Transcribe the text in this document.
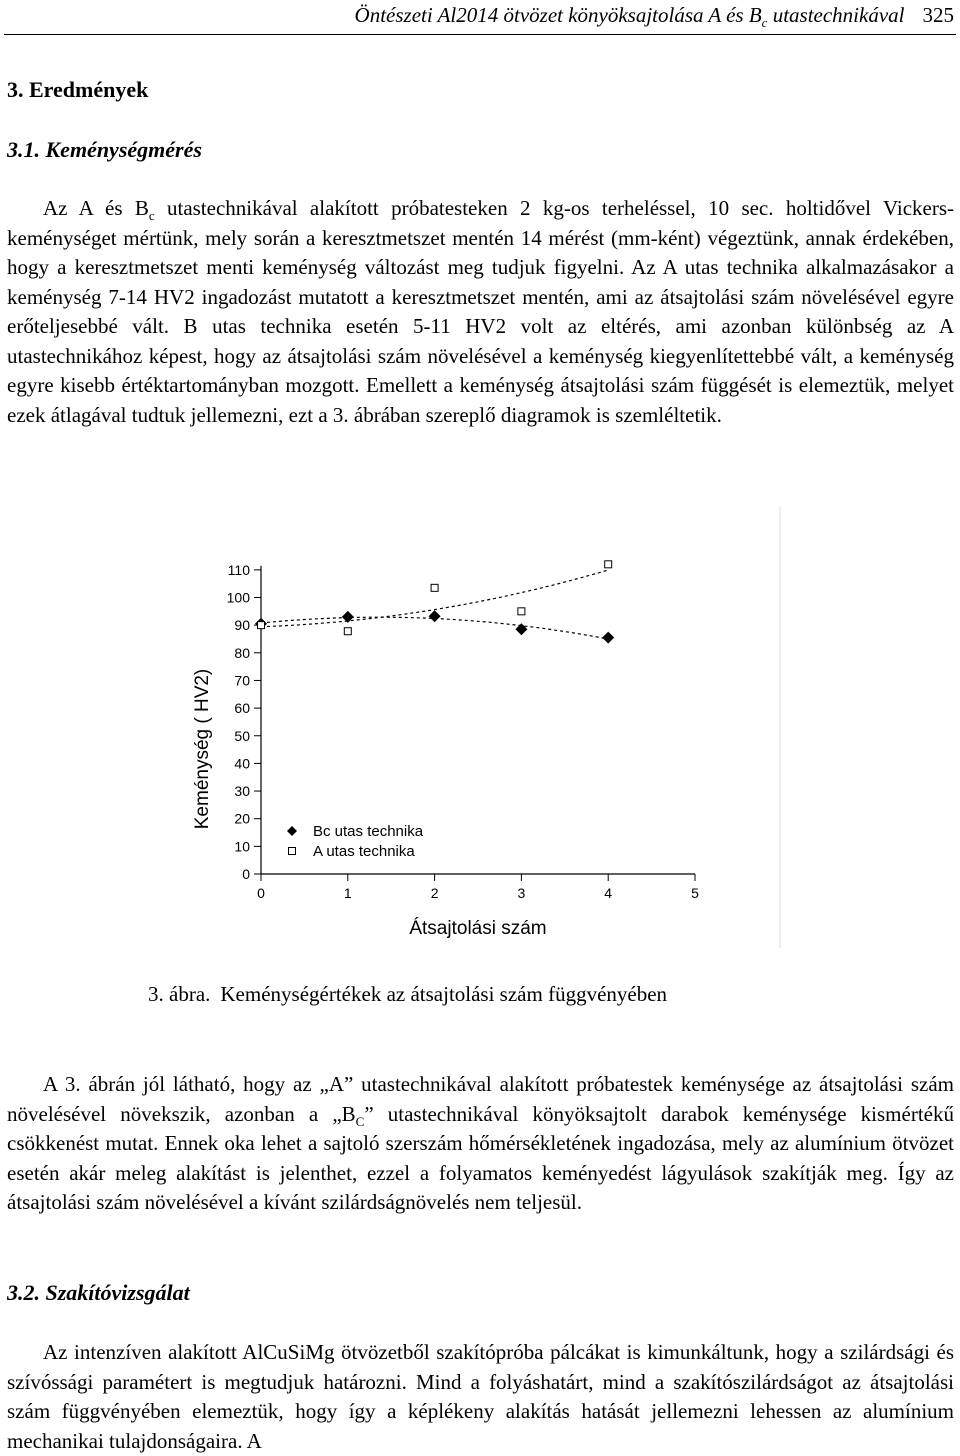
Öntészeti Al2014 ötvözet könyöksajtolása A és $B_c$ utastechnikával 325
3. Eredmények
3.1. Keménységmérés
Az A és $B_c$ utastechnikával alakított próbatesteken 2 kg-os terheléssel, 10 sec. holtidővel Vickers-keménységet mértünk, mely során a keresztmetszet mentén 14 mérést (mm-ként) végeztünk, annak érdekében, hogy a keresztmetszet menti keménység változást meg tudjuk figyelni. Az A utas technika alkalmazásakor a keménység 7-14 HV2 ingadozást mutatott a keresztmetszet mentén, ami az átsajtolási szám növelésével egyre erőteljesebbé vált. B utas technika esetén 5-11 HV2 volt az eltérés, ami azonban különbség az A utastechnikához képest, hogy az átsajtolási szám növelésével a keménység kiegyenlítettebbé vált, a keménység egyre kisebb értéktartományban mozgott. Emellett a keménység átsajtolási szám függését is elemeztük, melyet ezek átlagával tudtuk jellemezni, ezt a 3. ábrában szereplő diagramok is szemléltetik.
0
10
20
30
40
50
60
70
80
90
100
110
0	1	2	3	4	5
Bc utas technika
A utas technika
Átsajtolási szám
Keménység ( HV2)
3. ábra. Keménységértékek az átsajtolási szám függvényében
A 3. ábrán jól látható, hogy az „A” utastechnikával alakított próbatestek keménysége az átsajtolási szám növelésével növekszik, azonban a $„B_C$” utastechnikával könyöksajtolt darabok keménysége kismértékű csökkenést mutat. Ennek oka lehet a sajtoló szerszám hőmérsékletének ingadozása, mely az alumínium ötvözet esetén akár meleg alakítást is jelenthet, ezzel a folyamatos keményedést lágyulások szakítják meg. Így az átsajtolási szám növelésével a kívánt szilárdságnövelés nem teljesül.
3.2. Szakítóvizsgálat
Az intenzíven alakított AlCuSiMg ötvözetből szakítópróba pálcákat is kimunkáltunk, hogy a szilárdsági és szívóssági paramétert is megtudjuk határozni. Mind a folyáshatárt, mind a szakítószilárdságot az átsajtolási szám függvényében elemeztük, hogy így a képlékeny alakítás hatását jellemezni lehessen az alumínium mechanikai tulajdonságaira. A
